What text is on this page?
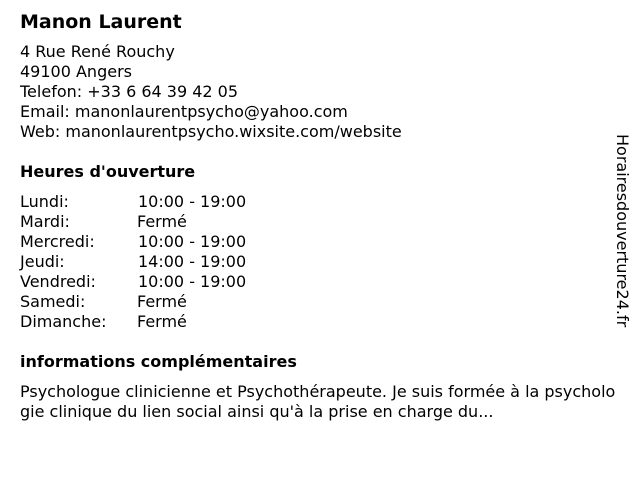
Manon Laurent
4 Rue René Rouchy
49100 Angers
Telefon: +33 6 64 39 42 05
Email: manonlaurentpsycho@yahoo.com
Web: manonlaurentpsycho.wixsite.com/website
Heures d'ouverture
Lundi:	10:00 - 19:00
Mardi:	Fermé
Mercredi:	10:00 - 19:00
Jeudi:	14:00 - 19:00
Vendredi:	10:00 - 19:00
Samedi:	Fermé
Dimanche: Fermé
informations complémentaires
Psychologue clinicienne et Psychothérapeute. Je suis formée à la psychologie clinique du lien social ainsi qu'à la prise en charge du...
Horairesdouverture24.fr
